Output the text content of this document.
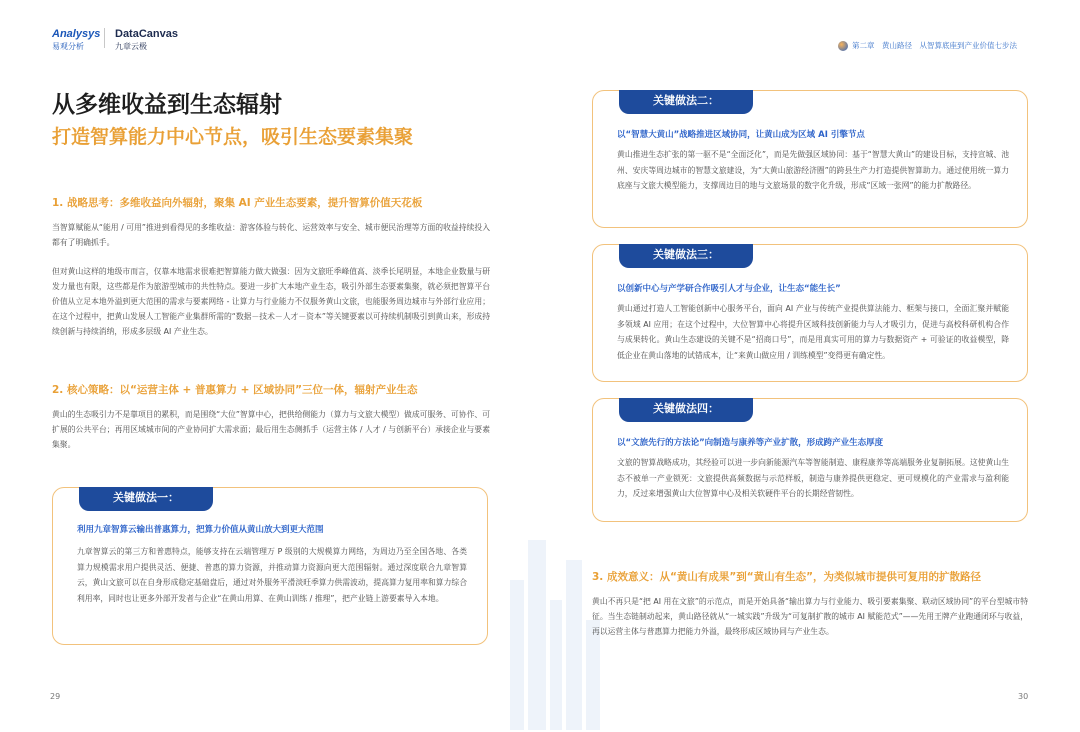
Analysys
易观分析
DataCanvas
九章云极	第二章　黄山路径　从智算底座到产业价值七步法
从多维收益到生态辐射
打造智算能力中心节点，吸引生态要素集聚
1. 战略思考：多维收益向外辐射，聚集 AI 产业生态要素，提升智算价值天花板
当智算赋能从“能用 / 可用”推进到看得见的多维收益：游客体验与转化、运营效率与安全、城市便民治理等方面的收益持续投入都有了明确抓手。
但对黄山这样的地级市而言，仅靠本地需求很难把智算能力做大做强：因为文旅旺季峰值高、淡季长尾明显，本地企业数量与研发力量也有限，这些都是作为旅游型城市的共性特点。要进一步扩大本地产业生态，吸引外部生态要素集聚，就必须把智算平台价值从立足本地外溢到更大范围的需求与要素网络 - 让算力与行业能力不仅服务黄山文旅，也能服务周边城市与外部行业应用；在这个过程中，把黄山发展人工智能产业集群所需的“数据－技术－人才－资本”等关键要素以可持续机制吸引到黄山来，形成持续创新与持续消纳，形成多层级 AI 产业生态。
2. 核心策略：以“运营主体 + 普惠算力 + 区域协同”三位一体，辐射产业生态
黄山的生态吸引力不是靠项目的累积，而是围绕“大位”智算中心，把供给侧能力（算力与文旅大模型）做成可服务、可协作、可扩展的公共平台；再用区域城市间的产业协同扩大需求面；最后用生态侧抓手（运营主体 / 人才 / 与创新平台）承接企业与要素集聚。
关键做法一：
利用九章智算云输出普惠算力，把算力价值从黄山放大到更大范围
九章智算云的第三方和普惠特点，能够支持在云端管理万 P 级别的大规模算力网络，为周边乃至全国各地、各类算力规模需求用户提供灵活、便捷、普惠的算力资源，并推动算力资源向更大范围辐射。通过深度联合九章智算云，黄山文旅可以在自身形成稳定基础盘后，通过对外服务平滑淡旺季算力供需波动，提高算力复用率和算力综合利用率，同时也让更多外部开发者与企业“在黄山用算、在黄山训练 / 推理”，把产业链上游要素导入本地。
29
关键做法二：
以“智慧大黄山”战略推进区域协同，让黄山成为区域 AI 引擎节点
黄山推进生态扩张的第一驱不是“全面泛化”，而是先做强区域协同：基于“智慧大黄山”的建设目标，支持宣城、池州、安庆等周边城市的智慧文旅建设，为“大黄山旅游经济圈”的跨县生产力打造提供智算助力。通过使用统一算力底座与文旅大模型能力，支撑周边目的地与文旅场景的数字化升级，形成“区域一张网”的能力扩散路径。
关键做法三：
以创新中心与产学研合作吸引人才与企业，让生态“能生长”
黄山通过打造人工智能创新中心服务平台，面向 AI 产业与传统产业提供算法能力、框架与接口，全面汇聚并赋能多领域 AI 应用；在这个过程中，大位智算中心将提升区域科技创新能力与人才吸引力，促进与高校科研机构合作与成果转化。黄山生态建设的关键不是“招商口号”，而是用真实可用的算力与数据资产 + 可验证的收益模型，降低企业在黄山落地的试错成本，让“来黄山做应用 / 训练模型”变得更有确定性。
关键做法四：
以“文旅先行的方法论”向制造与康养等产业扩散，形成跨产业生态厚度
文旅的智算战略成功，其经验可以进一步向新能源汽车等智能制造、康程康养等高端服务业复制拓展。这使黄山生态不被单一产业锁死：文旅提供高频数据与示范样板，制造与康养提供更稳定、更可规模化的产业需求与盈利能力，反过来增强黄山大位智算中心及相关软硬件平台的长期经营韧性。
3. 成效意义：从“黄山有成果”到“黄山有生态”，为类似城市提供可复用的扩散路径
黄山不再只是“把 AI 用在文旅”的示范点，而是开始具备“输出算力与行业能力、吸引要素集聚、联动区域协同”的平台型城市特征。当生态链制动起来，黄山路径就从“一城实践”升级为“可复制扩散的城市 AI 赋能范式”——先用王牌产业跑通闭环与收益，再以运营主体与普惠算力把能力外溢，最终形成区域协同与产业生态。
30
